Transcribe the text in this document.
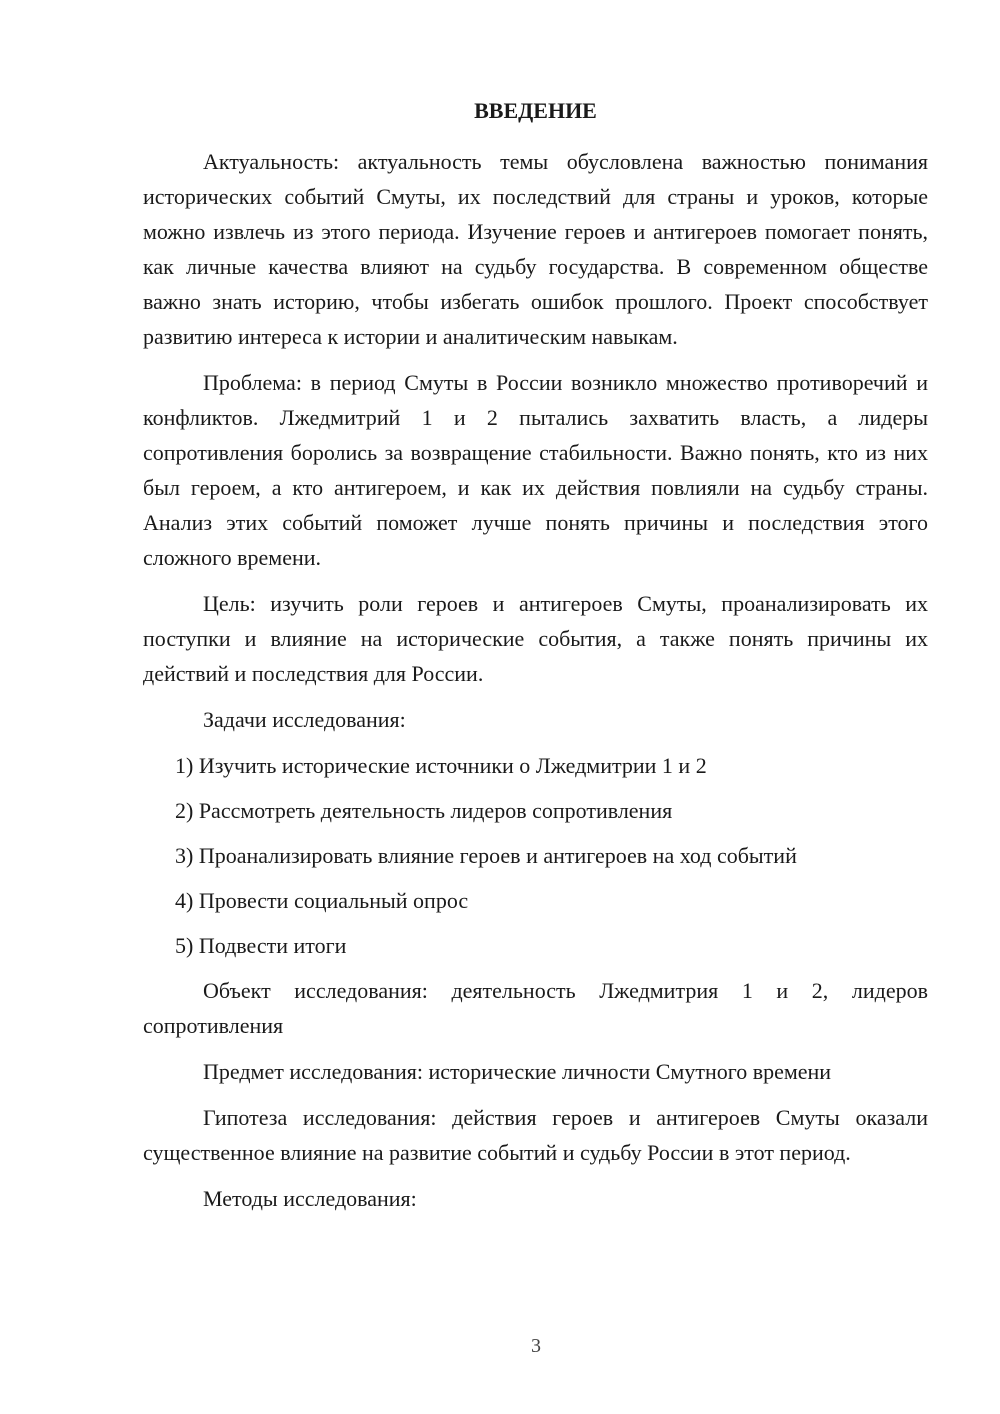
ВВЕДЕНИЕ

Актуальность: актуальность темы обусловлена важностью понимания исторических событий Смуты, их последствий для страны и уроков, которые можно извлечь из этого периода. Изучение героев и антигероев помогает понять, как личные качества влияют на судьбу государства. В современном обществе важно знать историю, чтобы избегать ошибок прошлого. Проект способствует развитию интереса к истории и аналитическим навыкам.

Проблема: в период Смуты в России возникло множество противоречий и конфликтов. Лжедмитрий 1 и 2 пытались захватить власть, а лидеры сопротивления боролись за возвращение стабильности. Важно понять, кто из них был героем, а кто антигероем, и как их действия повлияли на судьбу страны. Анализ этих событий поможет лучше понять причины и последствия этого сложного времени.

Цель: изучить роли героев и антигероев Смуты, проанализировать их поступки и влияние на исторические события, а также понять причины их действий и последствия для России.

Задачи исследования:

1) Изучить исторические источники о Лжедмитрии 1 и 2
2) Рассмотреть деятельность лидеров сопротивления
3) Проанализировать влияние героев и антигероев на ход событий
4) Провести социальный опрос
5) Подвести итоги

Объект исследования: деятельность Лжедмитрия 1 и 2, лидеров сопротивления

Предмет исследования: исторические личности Смутного времени

Гипотеза исследования: действия героев и антигероев Смуты оказали существенное влияние на развитие событий и судьбу России в этот период.

Методы исследования:

3
